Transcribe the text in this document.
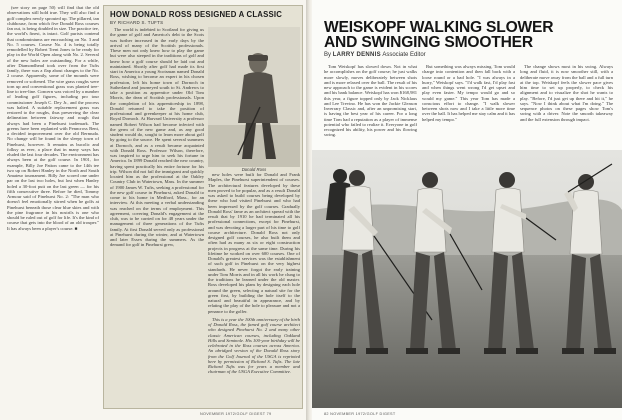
(see story on page 50) will find that the old observations still hold true. They will also find a golf complex newly sprouted up. The pillared, tan clubhouse, from which five Donald Ross courses fan out, is being doubled in size. The practice tee, the world's finest, is intact. Golf purists contend that condominiums are encroaching on No. 3 and No. 5 courses. Course No. 4 is being totally remodelled by Robert Trent Jones to be ready for play in the World Open along with No. 2. Several of the new holes are outstanding. For a while, after Diamondhead took over from the Tufts family, there was a flap about changes to the No. 2 course. Apparently, some of the mounds were removed or softened. The wire grass roughs were torn up and conventional grass was planted tree-line to tree-line. Concern was voiced by a number of leading golf figures, including pro tour commissioner Joseph C. Dey Jr., and the process was halted. A suitable replacement grass was restored to the roughs, thus preserving the clear delineation between fairway and rough that always had been a Pinehurst trademark. The greens have been replanted with Penncross Bent, a decided improvement over the old Bermuda. No change will be found in the sleepy town of Pinehurst, however. It remains as bucolic and folksy as ever, a place that in many ways has eluded the last four decades. The environment has always been at the golf course. In 1901, for example, Billy Joe Patton came to the 14th tee two up on Robert Hanley in the North and South Amateur tournament. Billy Joe scored one under par on the last two holes, but lost when Hanley holed a 30-foot putt on the last green — for his fifth consecutive three. Before he died, Tommy Armour said of Pinehurst No. 2: "The man who doesn't feel emotionally stirred when he golfs at Pinehurst beneath those clear blue skies and with the pine fragrance in his nostrils is one who should be ruled out of golf for life. It's the kind of course that gets into the blood of an old trouper." It has always been a player's course. ■

HOW DONALD ROSS DESIGNED A CLASSIC
BY RICHARD S. TUFTS

The world is indebted to Scotland for giving us the game of golf and America's debt to the Scots was further increased in the early days by the arrival of many of the Scottish professionals. These men not only knew how to play the game but were also steeped in the traditions of golf and knew how a golf course should be laid out and maintained. Shortly after golf had made its first start in America a young Scotsman named Donald Ross, wishing to become an expert in his chosen profession, left his home town of Dornoch in Sutherland and journeyed south to St. Andrews to take a position as apprentice under Old Tom Morris, the dean of Scottish professionals. Upon the completion of his apprenticeship in 1898, Donald returned to take the position of professional and greenkeeper at his home club, Royal Dornoch. At Harvard University a professor named Robert Wilson had become infected with the germ of the new game and, as any good student would do, sought to learn more about golf by going to the source. He spent several summers at Dornoch, and as a result became acquainted with Donald Ross. Professor Wilson, therefore, was inspired to urge him to seek his fortune in America. In 1899 Donald reached the new country, having spent practically his entire fortune for his trip. Wilson did not fail the immigrant and quickly located him as the professional at the Oakley Country Club in Watertown, Mass. In the summer of 1900 James W. Tufts, seeking a professional for the new golf course in Pinehurst, asked Donald to come to his home in Medford, Mass., for an interview. At this meeting a verbal understanding was reached on the terms of employment. This agreement, covering Donald's engagement at the club, was to be carried on for 48 years under the management of three generations of the Tufts family. At first Donald served only as professional at Pinehurst during the winter, and at Watertown and later Essex during the summers. As the demand for golf in Pinehurst grew,

Donald Ross

new holes were built for Donald and Frank Maples, the Pinehurst superintendent of courses. The architectural features developed by these men proved to be popular, and as a result Donald was asked to build courses being developed by these who had visited Pinehurst and who had been impressed by the golf courses. Gradually Donald Ross' fame as an architect spread with the result that by 1910 he had terminated all his professional connections, except for Pinehurst, and was devoting a larger part of his time to golf course architecture. Donald Ross not only designed golf courses, he also built them and often had as many as six or eight construction projects in progress at the same time. During his lifetime he worked on over 600 courses. One of Donald's greatest services was the establishment of such golf in Pinehurst on the very highest standards. He never forgot the early training under Tom Morris and in all his work he clung to the traditions he learned under the old master. Ross developed his plans by designing each hole around the green, selecting a natural site for the green first, by building the hole itself to the natural and beautiful in appearance, and by relating the play of the hole to pleasure and not a penance to the golfer.

This is a year the 100th anniversary of the birth of Donald Ross, the famed golf course architect who designed Pinehurst No. 2 and many other classic American courses, including Oakland Hills and Seminole. His 100-year birthday will be celebrated in the Ross courses across America. An abridged version of the Donald Ross story from the Golf Journal of the USGA is reprinted here by permission of Richard S. Tufts. The late Richard Tufts was for years a member and chairman of the USGA Executive Committee.

NOVEMBER 1972/GOLF DIGEST 79
WEISKOPF WALKING SLOWER
AND SWINGING SMOOTHER
By LARRY DENNIS Associate Editor

Tom Weiskopf has slowed down. Not in what he accomplishes on the golf course; he just walks more slowly, moves deliberately between shots and is more relaxed over the ball. The result of his new approach to the game is evident in his scores and his bank balance. Weiskopf has won $168,981 this year, a figure topped only by Jack Nicklaus and Lee Trevino. He has won the Jackie Gleason Inverrary Classic and, after an unpromising start, is having the best year of his career. For a long time Tom had a reputation as a player of immense potential who failed to realize it. Everyone in golf recognized his ability, his power and his flowing swing.

But something was always missing. Tom would charge into contention and then fall back with a loose round or a bad hole. "I was always in a hurry," Weiskopf says. "I'd walk fast, I'd play fast and when things went wrong I'd get upset and play even faster. My tempo would go and so would my game." This year Tom has made a conscious effort to change. "I walk slower between shots now and I take a little more time over the ball. It has helped me stay calm and it has helped my tempo."

The change shows most in his swing. Always long and fluid, it is now smoother still, with a deliberate move away from the ball and a full turn at the top. Weiskopf feels the slower pace gives him time to set up properly, to check his alignment and to visualize the shot he wants to play. "Before, I'd just get up there and hit it," he says. "Now I think about what I'm doing." The sequence photos on these pages show Tom's swing with a driver. Note the smooth takeaway and the full extension through impact.

82 NOVEMBER 1972/GOLF DIGEST
